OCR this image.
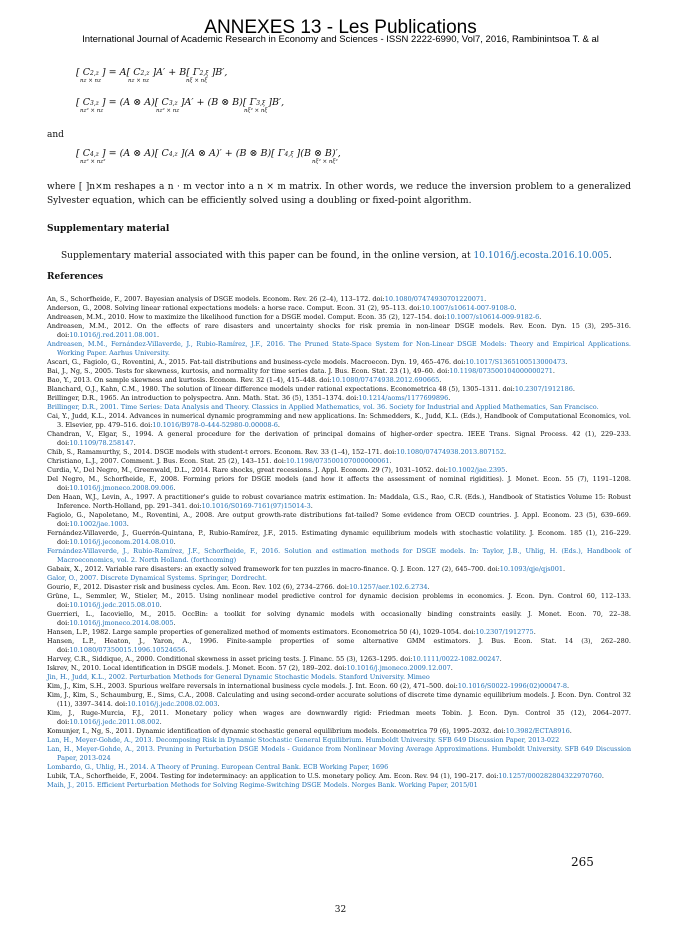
ANNEXES 13 - Les Publications
International Journal of Academic Research in Economy and Sciences - ISSN 2222-6990, Vol7, 2016, Rambinintsoa T. & al
[ C2,z ] = A[ C2,z ]A′ + B[ Γ2,ξ ]B′,
nz × nz	nz × nz	nξ × nξ
[ C3,z ] = (A ⊗ A)[ C3,z ]A′ + (B ⊗ B)[ Γ3,ξ ]B′,
nz² × nz	nz² × nz	nξ² × nξ
and
[ C4,z ] = (A ⊗ A)[ C4,z ](A ⊗ A)′ + (B ⊗ B)[ Γ4,ξ ](B ⊗ B)′,
nz² × nz²	nξ² × nξ²
where [ ]n×m reshapes a n · m vector into a n × m matrix. In other words, we reduce the inversion problem to a generalized Sylvester equation, which can be efficiently solved using a doubling or fixed-point algorithm.
Supplementary material
Supplementary material associated with this paper can be found, in the online version, at 10.1016/j.ecosta.2016.10.005.
References
An, S., Schorfheide, F., 2007. Bayesian analysis of DSGE models. Econom. Rev. 26 (2–4), 113–172. doi:10.1080/07474930701220071.
Anderson, G., 2008. Solving linear rational expectations models: a horse race. Comput. Econ. 31 (2), 95–113. doi:10.1007/s10614-007-9108-0.
Andreasen, M.M., 2010. How to maximize the likelihood function for a DSGE model. Comput. Econ. 35 (2), 127–154. doi:10.1007/s10614-009-9182-6.
Andreasen, M.M., 2012. On the effects of rare disasters and uncertainty shocks for risk premia in non-linear DSGE models. Rev. Econ. Dyn. 15 (3), 295–316. doi:10.1016/j.red.2011.08.001.
Andreasen, M.M., Fernández-Villaverde, J., Rubio-Ramírez, J.F., 2016. The Pruned State-Space System for Non-Linear DSGE Models: Theory and Empirical Applications. Working Paper. Aarhus University.
Ascari, G., Fagiolo, G., Roventini, A., 2015. Fat-tail distributions and business-cycle models. Macroecon. Dyn. 19, 465–476. doi:10.1017/S1365100513000473.
Bai, J., Ng, S., 2005. Tests for skewness, kurtosis, and normality for time series data. J. Bus. Econ. Stat. 23 (1), 49–60. doi:10.1198/073500104000000271.
Bao, Y., 2013. On sample skewness and kurtosis. Econom. Rev. 32 (1–4), 415–448. doi:10.1080/07474938.2012.690665.
Blanchard, O.J., Kahn, C.M., 1980. The solution of linear difference models under rational expectations. Econometrica 48 (5), 1305–1311. doi:10.2307/1912186.
Brillinger, D.R., 1965. An introduction to polyspectra. Ann. Math. Stat. 36 (5), 1351–1374. doi:10.1214/aoms/1177699896.
Brillinger, D.R., 2001. Time Series: Data Analysis and Theory. Classics in Applied Mathematics, vol. 36. Society for Industrial and Applied Mathematics, San Francisco.
Cai, Y., Judd, K.L., 2014. Advances in numerical dynamic programming and new applications. In: Schmedders, K., Judd, K.L. (Eds.), Handbook of Computational Economics, vol. 3. Elsevier, pp. 479–516. doi:10.1016/B978-0-444-52980-0.00008-6.
Chandran, V., Elgar, S., 1994. A general procedure for the derivation of principal domains of higher-order spectra. IEEE Trans. Signal Process. 42 (1), 229–233. doi:10.1109/78.258147.
Chib, S., Ramamurthy, S., 2014. DSGE models with student-t errors. Econom. Rev. 33 (1–4), 152–171. doi:10.1080/07474938.2013.807152.
Christiano, L.J., 2007. Comment. J. Bus. Econ. Stat. 25 (2), 143–151. doi:10.1198/073500107000000061.
Curdia, V., Del Negro, M., Greenwald, D.L., 2014. Rare shocks, great recessions. J. Appl. Econom. 29 (7), 1031–1052. doi:10.1002/jae.2395.
Del Negro, M., Schorfheide, F., 2008. Forming priors for DSGE models (and how it affects the assessment of nominal rigidities). J. Monet. Econ. 55 (7), 1191–1208. doi:10.1016/j.jmoneco.2008.09.006.
Den Haan, W.J., Levin, A., 1997. A practitioner's guide to robust covariance matrix estimation. In: Maddala, G.S., Rao, C.R. (Eds.), Handbook of Statistics Volume 15: Robust Inference. North-Holland, pp. 291–341. doi:10.1016/S0169-7161(97)15014-3.
Fagiolo, G., Napoletano, M., Roventini, A., 2008. Are output growth-rate distributions fat-tailed? Some evidence from OECD countries. J. Appl. Econom. 23 (5), 639–669. doi:10.1002/jae.1003.
Fernández-Villaverde, J., Guerrón-Quintana, P., Rubio-Ramírez, J.F., 2015. Estimating dynamic equilibrium models with stochastic volatility. J. Econom. 185 (1), 216–229. doi:10.1016/j.jeconom.2014.08.010.
Fernández-Villaverde, J., Rubio-Ramírez, J.F., Schorfheide, F., 2016. Solution and estimation methods for DSGE models. In: Taylor, J.B., Uhlig, H. (Eds.), Handbook of Macroeconomics, vol. 2. North Holland. (forthcoming)
Gabaix, X., 2012. Variable rare disasters: an exactly solved framework for ten puzzles in macro-finance. Q. J. Econ. 127 (2), 645–700. doi:10.1093/qje/qjs001.
Galor, O., 2007. Discrete Dynamical Systems. Springer, Dordrecht.
Gourio, F., 2012. Disaster risk and business cycles. Am. Econ. Rev. 102 (6), 2734–2766. doi:10.1257/aer.102.6.2734.
Grüne, L., Semmler, W., Stieler, M., 2015. Using nonlinear model predictive control for dynamic decision problems in economics. J. Econ. Dyn. Control 60, 112–133. doi:10.1016/j.jedc.2015.08.010.
Guerrieri, L., Iacoviello, M., 2015. OccBin: a toolkit for solving dynamic models with occasionally binding constraints easily. J. Monet. Econ. 70, 22–38. doi:10.1016/j.jmoneco.2014.08.005.
Hansen, L.P., 1982. Large sample properties of generalized method of moments estimators. Econometrica 50 (4), 1029–1054. doi:10.2307/1912775.
Hansen, L.P., Heaton, J., Yaron, A., 1996. Finite-sample properties of some alternative GMM estimators. J. Bus. Econ. Stat. 14 (3), 262–280. doi:10.1080/07350015.1996.10524656.
Harvey, C.R., Siddique, A., 2000. Conditional skewness in asset pricing tests. J. Financ. 55 (3), 1263–1295. doi:10.1111/0022-1082.00247.
Iskrev, N., 2010. Local identification in DSGE models. J. Monet. Econ. 57 (2), 189–202. doi:10.1016/j.jmoneco.2009.12.007.
Jin, H., Judd, K.L., 2002. Perturbation Methods for General Dynamic Stochastic Models. Stanford University. Mimeo
Kim, J., Kim, S.H., 2003. Spurious welfare reversals in international business cycle models. J. Int. Econ. 60 (2), 471–500. doi:10.1016/S0022-1996(02)00047-8.
Kim, J., Kim, S., Schaumburg, E., Sims, C.A., 2008. Calculating and using second-order accurate solutions of discrete time dynamic equilibrium models. J. Econ. Dyn. Control 32 (11), 3397–3414. doi:10.1016/j.jedc.2008.02.003.
Kim, J., Ruge-Murcia, F.J., 2011. Monetary policy when wages are downwardly rigid: Friedman meets Tobin. J. Econ. Dyn. Control 35 (12), 2064–2077. doi:10.1016/j.jedc.2011.08.002.
Komunjer, I., Ng, S., 2011. Dynamic identification of dynamic stochastic general equilibrium models. Econometrica 79 (6), 1995–2032. doi:10.3982/ECTA8916.
Lan, H., Meyer-Gohde, A., 2013. Decomposing Risk in Dynamic Stochastic General Equilibrium. Humboldt University. SFB 649 Discussion Paper, 2013-022
Lan, H., Meyer-Gohde, A., 2013. Pruning in Perturbation DSGE Models - Guidance from Nonlinear Moving Average Approximations. Humboldt University. SFB 649 Discussion Paper, 2013-024
Lombardo, G., Uhlig, H., 2014. A Theory of Pruning. European Central Bank. ECB Working Paper, 1696
Lubik, T.A., Schorfheide, F., 2004. Testing for indeterminacy: an application to U.S. monetary policy. Am. Econ. Rev. 94 (1), 190–217. doi:10.1257/000282804322970760.
Maih, J., 2015. Efficient Perturbation Methods for Solving Regime-Switching DSGE Models. Norges Bank. Working Paper, 2015/01
265
32
